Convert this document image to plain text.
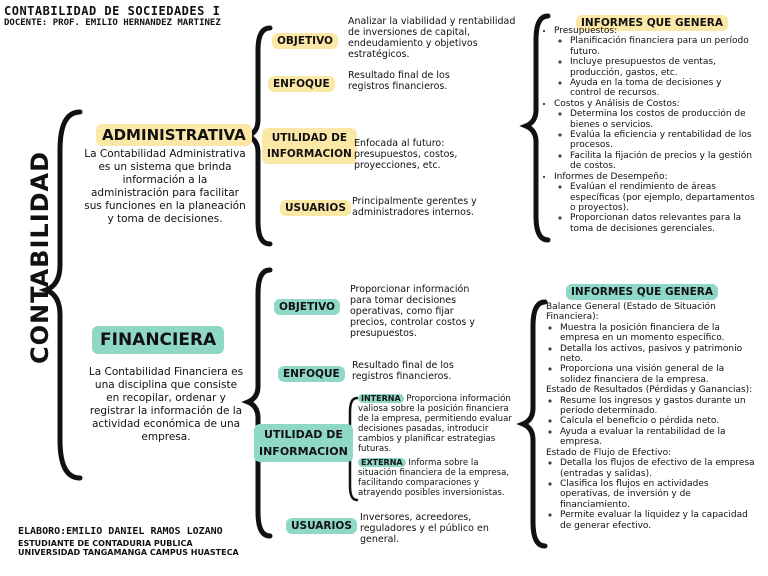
CONTABILIDAD DE SOCIEDADES I
DOCENTE: PROF. EMILIO HERNANDEZ MARTINEZ
CONTABILIDAD
ADMINISTRATIVA
La Contabilidad Administrativa es un sistema que brinda información a la administración para facilitar sus funciones en la planeación y toma de decisiones.
OBJETIVO
Analizar la viabilidad y rentabilidad de inversiones de capital, endeudamiento y objetivos estratégicos.
ENFOQUE
Resultado final de los registros financieros.
UTILIDAD DE
INFORMACION
Enfocada al futuro: presupuestos, costos, proyecciones, etc.
USUARIOS
Principalmente gerentes y administradores internos.
INFORMES QUE GENERA
• Presupuestos:
◦ Planificación financiera para un período futuro.
◦ Incluye presupuestos de ventas, producción, gastos, etc.
◦ Ayuda en la toma de decisiones y control de recursos.
• Costos y Análisis de Costos:
◦ Determina los costos de producción de bienes o servicios.
◦ Evalúa la eficiencia y rentabilidad de los procesos.
◦ Facilita la fijación de precios y la gestión de costos.
• Informes de Desempeño:
◦ Evalúan el rendimiento de áreas específicas (por ejemplo, departamentos o proyectos).
◦ Proporcionan datos relevantes para la toma de decisiones gerenciales.
FINANCIERA
La Contabilidad Financiera es una disciplina que consiste en recopilar, ordenar y registrar la información de la actividad económica de una empresa.
OBJETIVO
Proporcionar información para tomar decisiones operativas, como fijar precios, controlar costos y presupuestos.
ENFOQUE
Resultado final de los registros financieros.
UTILIDAD DE
INFORMACION
INTERNA Proporciona información valiosa sobre la posición financiera de la empresa, permitiendo evaluar decisiones pasadas, introducir cambios y planificar estrategias futuras.
EXTERNA Informa sobre la situación financiera de la empresa, facilitando comparaciones y atrayendo posibles inversionistas.
USUARIOS
Inversores, acreedores, reguladores y el público en general.
INFORMES QUE GENERA
Balance General (Estado de Situación Financiera):
◦ Muestra la posición financiera de la empresa en un momento específico.
◦ Detalla los activos, pasivos y patrimonio neto.
◦ Proporciona una visión general de la solidez financiera de la empresa.
Estado de Resultados (Pérdidas y Ganancias):
◦ Resume los ingresos y gastos durante un período determinado.
◦ Calcula el beneficio o pérdida neto.
◦ Ayuda a evaluar la rentabilidad de la empresa.
Estado de Flujo de Efectivo:
◦ Detalla los flujos de efectivo de la empresa (entradas y salidas).
◦ Clasifica los flujos en actividades operativas, de inversión y de financiamiento.
◦ Permite evaluar la liquidez y la capacidad de generar efectivo.
ELABORO:EMILIO DANIEL RAMOS LOZANO
ESTUDIANTE DE CONTADURIA PUBLICA
UNIVERSIDAD TANGAMANGA CAMPUS HUASTECA
